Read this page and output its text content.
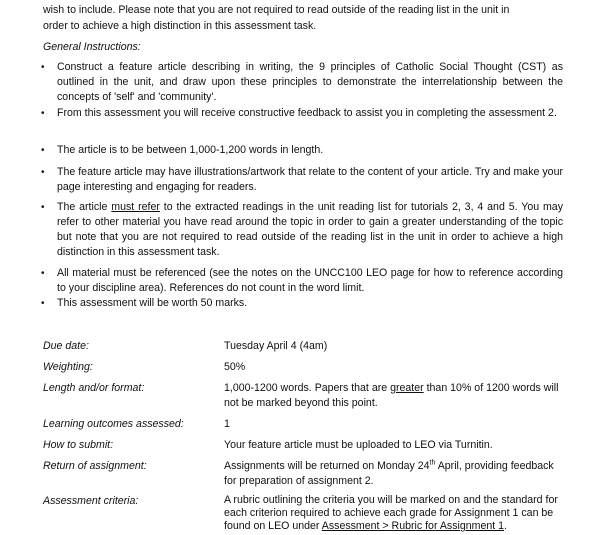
wish to include. Please note that you are not required to read outside of the reading list in the unit in
order to achieve a high distinction in this assessment task.
General Instructions:
• Construct a feature article describing in writing, the 9 principles of Catholic Social Thought (CST) as outlined in the unit, and draw upon these principles to demonstrate the interrelationship between the concepts of 'self' and 'community'.
• From this assessment you will receive constructive feedback to assist you in completing the assessment 2.
• The article is to be between 1,000-1,200 words in length.
• The feature article may have illustrations/artwork that relate to the content of your article. Try and make your page interesting and engaging for readers.
• The article must refer to the extracted readings in the unit reading list for tutorials 2, 3, 4 and 5. You may refer to other material you have read around the topic in order to gain a greater understanding of the topic but note that you are not required to read outside of the reading list in the unit in order to achieve a high distinction in this assessment task.
• All material must be referenced (see the notes on the UNCC100 LEO page for how to reference according to your discipline area). References do not count in the word limit.
• This assessment will be worth 50 marks.
Due date:	Tuesday April 4 (4am)
Weighting:	50%
Length and/or format:	1,000-1200 words. Papers that are greater than 10% of 1200 words will not be marked beyond this point.
Learning outcomes assessed:	1
How to submit:	Your feature article must be uploaded to LEO via Turnitin.
Return of assignment:	Assignments will be returned on Monday 24th April, providing feedback for preparation of assignment 2.
Assessment criteria:	A rubric outlining the criteria you will be marked on and the standard for each criterion required to achieve each grade for Assignment 1 can be found on LEO under Assessment > Rubric for Assignment 1.
